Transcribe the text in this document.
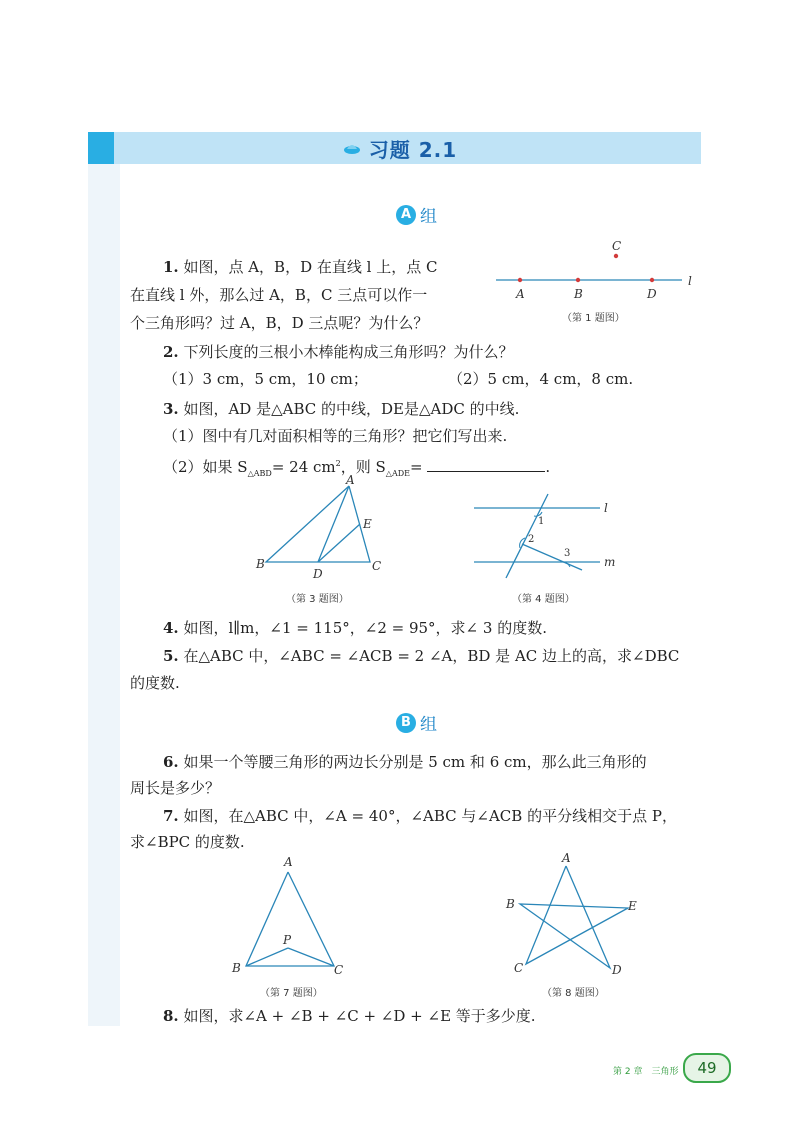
习题 2.1
A 组
1. 如图，点 A，B，D 在直线 l 上，点 C
在直线 l 外，那么过 A，B，C 三点可以作一
个三角形吗？过 A，B，D 三点呢？为什么？
A	B	D
C
l
（第 1 题图）
2. 下列长度的三根小木棒能构成三角形吗？为什么？
（1）3 cm，5 cm，10 cm；	（2）5 cm，4 cm，8 cm.
3. 如图，AD 是△ABC 的中线，DE是△ADC 的中线.
（1）图中有几对面积相等的三角形？把它们写出来.
（2）如果 $S_{\triangle ABD}= 24$ $cm^2$，则 $S_{\triangle ADE}=$	.
A
B	C
D
E
（第 3 题图）
l
m
1
2
3
（第 4 题图）
4. 如图，l∥m，∠1 = 115°，∠2 = 95°，求∠ 3 的度数.
5. 在△ABC 中，∠ABC = ∠ACB = 2 ∠A，BD 是 AC 边上的高，求∠DBC
的度数.
B 组
6. 如果一个等腰三角形的两边长分别是 5 cm 和 6 cm，那么此三角形的
周长是多少？
7. 如图，在△ABC 中，∠A = 40°，∠ABC 与∠ACB 的平分线相交于点 P，
求∠BPC 的度数.
A
B	C
P
（第 7 题图）
A
B
C	D
E
（第 8 题图）
8. 如图，求∠A + ∠B + ∠C + ∠D + ∠E 等于多少度.
第 2 章　三角形	49
